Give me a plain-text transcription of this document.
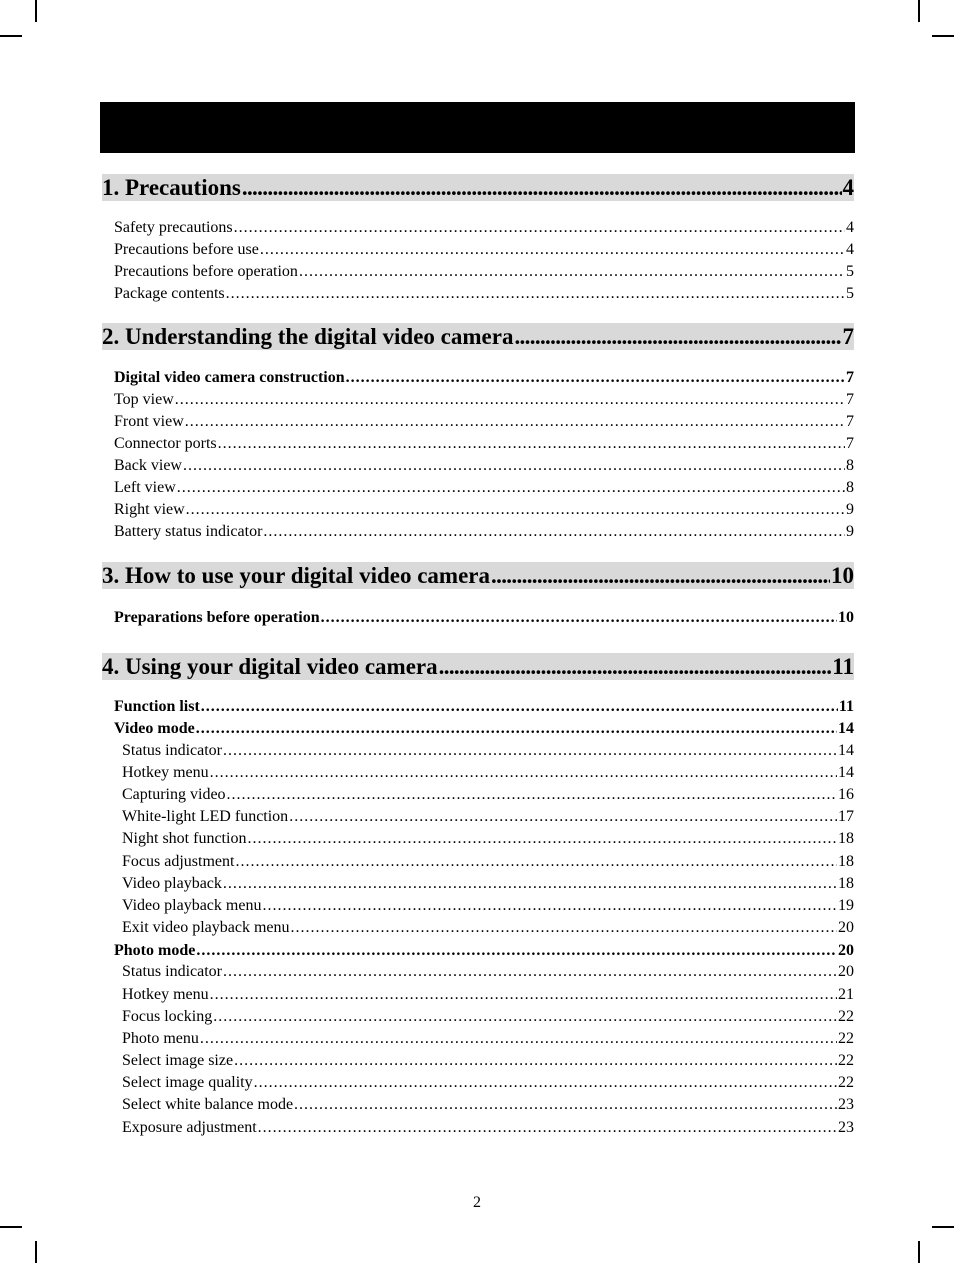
1. Precautions . . .	4
Safety precautions . . .	4
Precautions before use . . .	4
Precautions before operation . . .	5
Package contents . . .	5
2. Understanding the digital video camera . . .	7
Digital video camera construction . . .	7
Top view . . .	7
Front view . . .	7
Connector ports . . .	7
Back view . . .	8
Left view . . .	8
Right view . . .	9
Battery status indicator . . .	9
3. How to use your digital video camera . . .	10
Preparations before operation . . .	10
4. Using your digital video camera . . .	11
Function list . . .	11
Video mode . . .	14
Status indicator . . .	14
Hotkey menu . . .	14
Capturing video . . .	16
White-light LED function . . .	17
Night shot function . . .	18
Focus adjustment . . .	18
Video playback . . .	18
Video playback menu . . .	19
Exit video playback menu . . .	20
Photo mode . . .	20
Status indicator . . .	20
Hotkey menu . . .	21
Focus locking . . .	22
Photo menu . . .	22
Select image size . . .	22
Select image quality . . .	22
Select white balance mode . . .	23
Exposure adjustment . . .	23
2
